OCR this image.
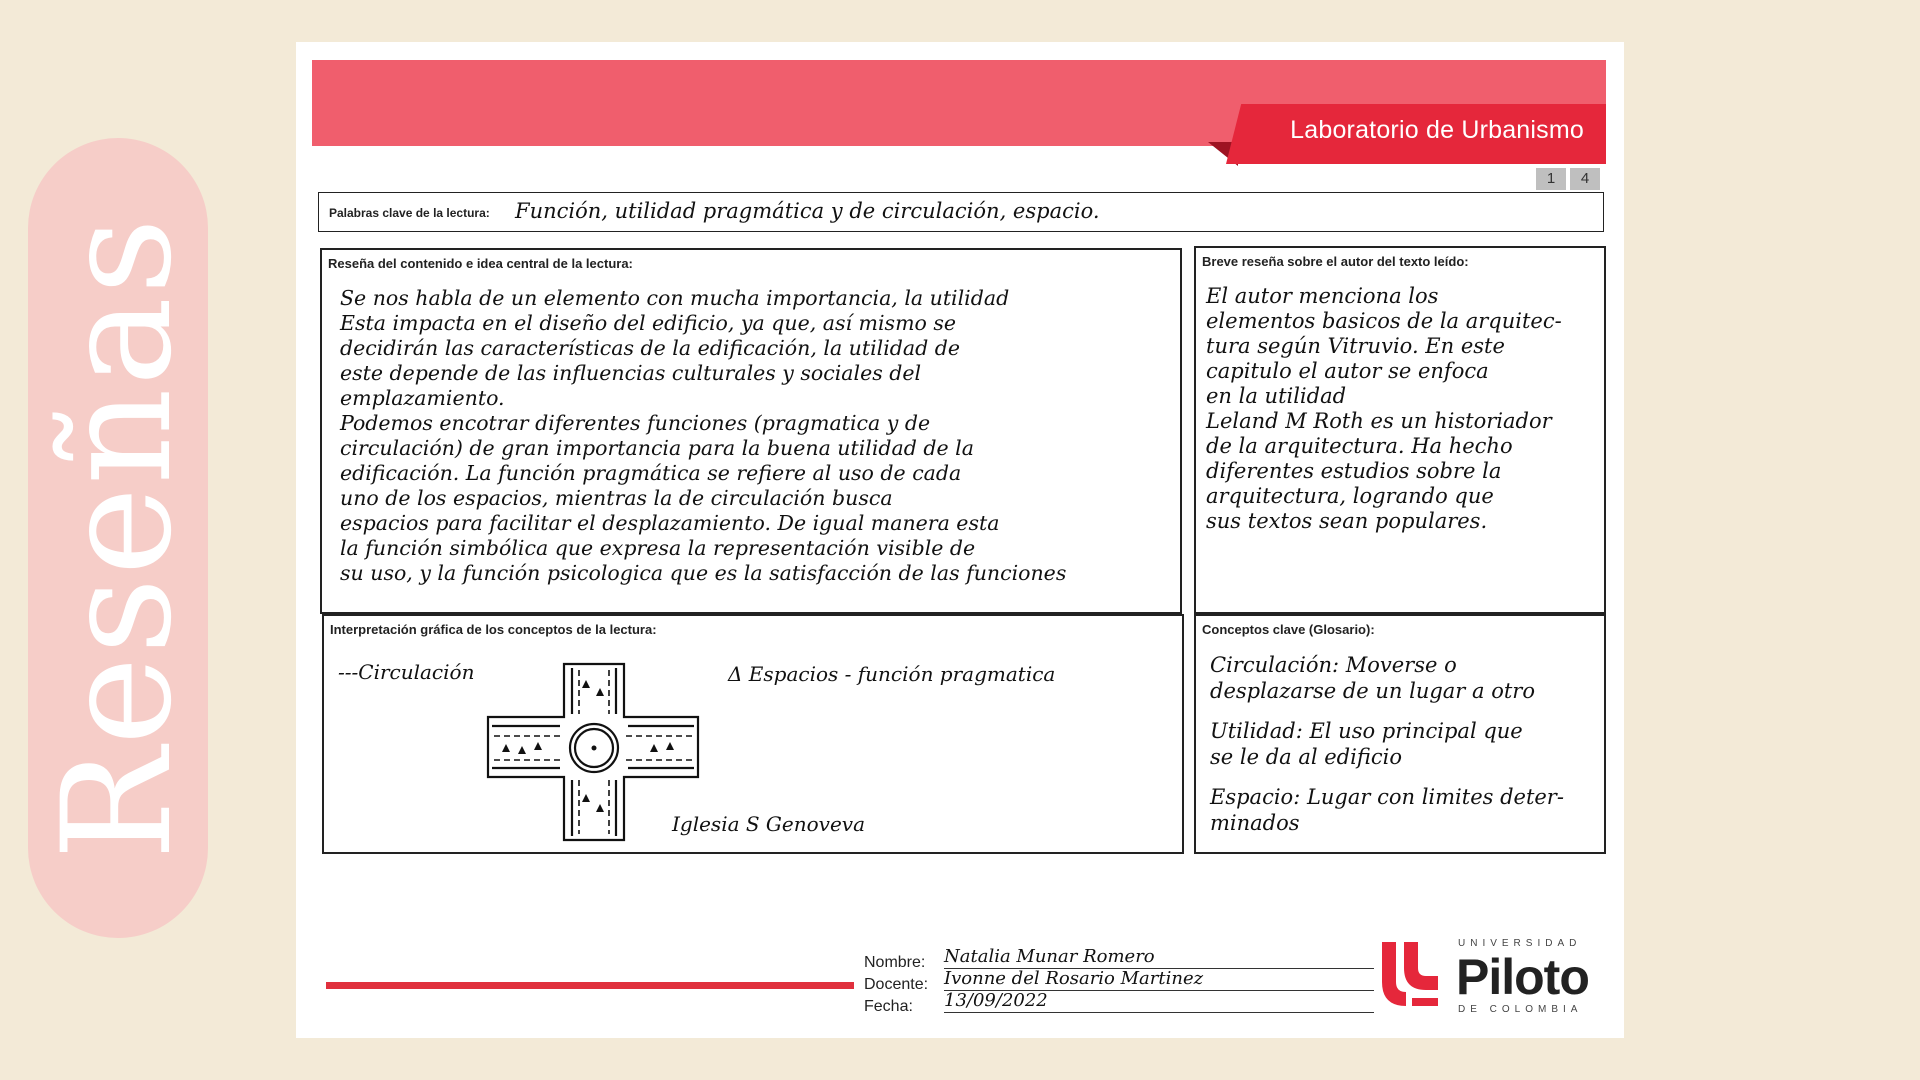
Reseñas
Laboratorio de Urbanismo
1	4
Palabras clave de la lectura: Función, utilidad pragmática y de circulación, espacio.
Reseña del contenido e idea central de la lectura:
Se nos habla de un elemento con mucha importancia, la utilidad
Esta impacta en el diseño del edificio, ya que, así mismo se
decidirán las características de la edificación, la utilidad de
este depende de las influencias culturales y sociales del
emplazamiento.
Podemos encotrar diferentes funciones (pragmatica y de
circulación) de gran importancia para la buena utilidad de la
edificación. La función pragmática se refiere al uso de cada
uno de los espacios, mientras la de circulación busca
espacios para facilitar el desplazamiento. De igual manera esta
la función simbólica que expresa la representación visible de
su uso, y la función psicologica que es la satisfacción de las funciones
Breve reseña sobre el autor del texto leído:
El autor menciona los
elementos basicos de la arquitec-
tura según Vitruvio. En este
capitulo el autor se enfoca
en la utilidad
Leland M Roth es un historiador
de la arquitectura. Ha hecho
diferentes estudios sobre la
arquitectura, logrando que
sus textos sean populares.
Interpretación gráfica de los conceptos de la lectura:
---Circulación	Δ Espacios - función pragmatica
Iglesia S Genoveva
Conceptos clave (Glosario):
Circulación: Moverse o
desplazarse de un lugar a otro
Utilidad: El uso principal que
se le da al edificio
Espacio: Lugar con limites deter-
minados
Nombre: Natalia Munar Romero
Docente: Ivonne del Rosario Martinez
Fecha: 13/09/2022
UNIVERSIDAD
Piloto
DE COLOMBIA
